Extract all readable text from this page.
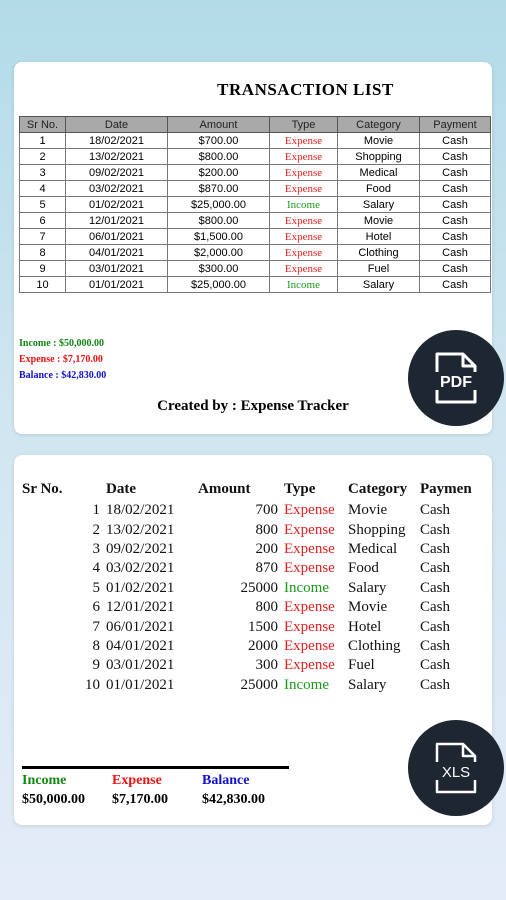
TRANSACTION LIST
Sr No.	Date	Amount	Type	Category	Payment
1	18/02/2021	$700.00	Expense	Movie	Cash
2	13/02/2021	$800.00	Expense	Shopping	Cash
3	09/02/2021	$200.00	Expense	Medical	Cash
4	03/02/2021	$870.00	Expense	Food	Cash
5	01/02/2021	$25,000.00	Income	Salary	Cash
6	12/01/2021	$800.00	Expense	Movie	Cash
7	06/01/2021	$1,500.00	Expense	Hotel	Cash
8	04/01/2021	$2,000.00	Expense	Clothing	Cash
9	03/01/2021	$300.00	Expense	Fuel	Cash
10	01/01/2021	$25,000.00	Income	Salary	Cash
Income : $50,000.00
Expense : $7,170.00
Balance : $42,830.00
Created by : Expense Tracker
PDF
Sr No.	Date	Amount	Type	Category	Paymen
1	18/02/2021	700	Expense	Movie	Cash
2	13/02/2021	800	Expense	Shopping	Cash
3	09/02/2021	200	Expense	Medical	Cash
4	03/02/2021	870	Expense	Food	Cash
5	01/02/2021	25000	Income	Salary	Cash
6	12/01/2021	800	Expense	Movie	Cash
7	06/01/2021	1500	Expense	Hotel	Cash
8	04/01/2021	2000	Expense	Clothing	Cash
9	03/01/2021	300	Expense	Fuel	Cash
10	01/01/2021	25000	Income	Salary	Cash
Income	Expense	Balance
$50,000.00	$7,170.00	$42,830.00
XLS
